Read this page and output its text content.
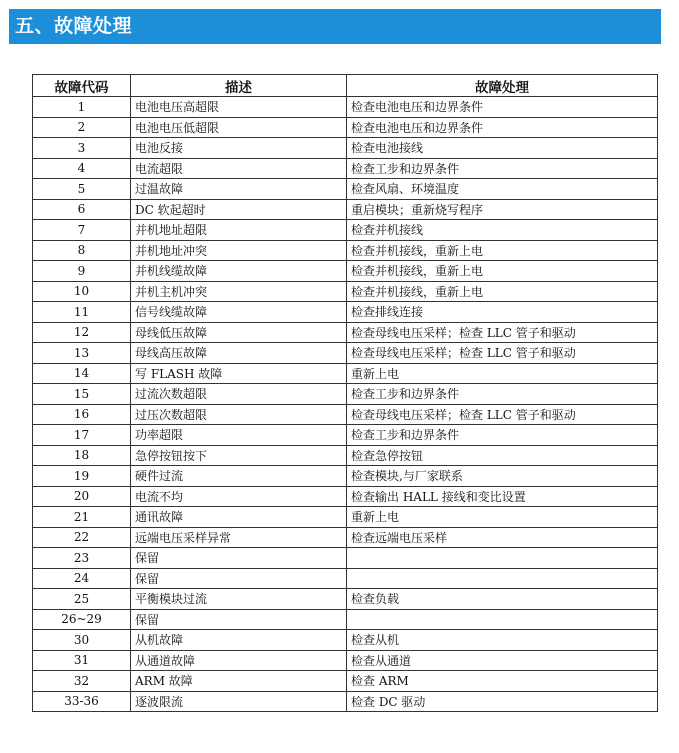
五、故障处理
故障代码	描述	故障处理
1	电池电压高超限	检查电池电压和边界条件
2	电池电压低超限	检查电池电压和边界条件
3	电池反接	检查电池接线
4	电流超限	检查工步和边界条件
5	过温故障	检查风扇、环境温度
6	DC 软起超时	重启模块；重新烧写程序
7	并机地址超限	检查并机接线
8	并机地址冲突	检查并机接线，重新上电
9	并机线缆故障	检查并机接线，重新上电
10	并机主机冲突	检查并机接线，重新上电
11	信号线缆故障	检查排线连接
12	母线低压故障	检查母线电压采样；检查 LLC 管子和驱动
13	母线高压故障	检查母线电压采样；检查 LLC 管子和驱动
14	写 FLASH 故障	重新上电
15	过流次数超限	检查工步和边界条件
16	过压次数超限	检查母线电压采样；检查 LLC 管子和驱动
17	功率超限	检查工步和边界条件
18	急停按钮按下	检查急停按钮
19	硬件过流	检查模块,与厂家联系
20	电流不均	检查输出 HALL 接线和变比设置
21	通讯故障	重新上电
22	远端电压采样异常	检查远端电压采样
23	保留	
24	保留	
25	平衡模块过流	检查负载
26~29	保留	
30	从机故障	检查从机
31	从通道故障	检查从通道
32	ARM 故障	检查 ARM
33-36	逐波限流	检查 DC 驱动
